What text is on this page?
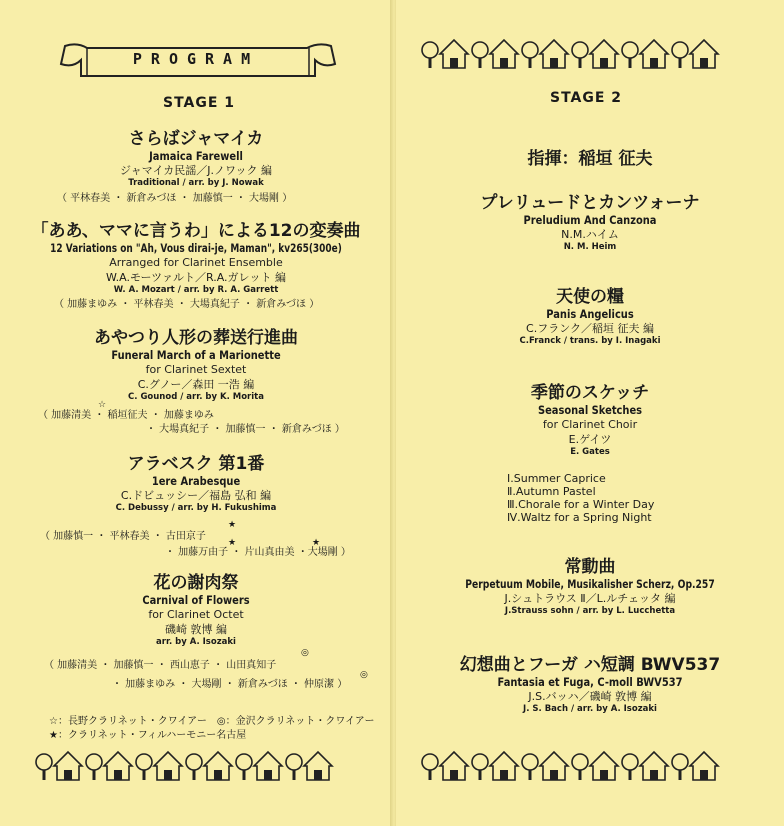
PROGRAM
STAGE 1
さらばジャマイカ
Jamaica Farewell
ジャマイカ民謡／J.ノワック 編
Traditional / arr. by J. Nowak
（ 平林春美 ・ 新倉みづほ ・ 加藤慎一 ・ 大場剛 ）
「ああ、ママに言うわ」による12の変奏曲
12 Variations on "Ah, Vous dirai-je, Maman", kv265(300e)
Arranged for Clarinet Ensemble
W.A.モーツァルト／R.A.ガレット 編
W. A. Mozart / arr. by R. A. Garrett
（ 加藤まゆみ ・ 平林春美 ・ 大場真紀子 ・ 新倉みづほ ）
あやつり人形の葬送行進曲
Funeral March of a Marionette
for Clarinet Sextet
C.グノー／森田 一浩 編
C. Gounod / arr. by K. Morita
☆
（ 加藤清美 ・ 稲垣征夫 ・ 加藤まゆみ
・ 大場真紀子 ・ 加藤慎一 ・ 新倉みづほ ）
アラベスク 第1番
1ere Arabesque
C.ドビュッシー／福島 弘和 編
C. Debussy / arr. by H. Fukushima
★
（ 加藤慎一 ・ 平林春美 ・ 古田京子
★	★
・ 加藤万由子 ・ 片山真由美 ・大場剛 ）
花の謝肉祭
Carnival of Flowers
for Clarinet Octet
磯崎 敦博 編
arr. by A. Isozaki
◎
（ 加藤清美 ・ 加藤慎一 ・ 西山恵子 ・ 山田真知子
◎
・ 加藤まゆみ ・ 大場剛 ・ 新倉みづほ ・ 仲原潔 ）
☆：長野クラリネット・クワイアー　◎：金沢クラリネット・クワイアー
★：クラリネット・フィルハーモニー名古屋
STAGE 2
指揮：稲垣 征夫
プレリュードとカンツォーナ
Preludium And Canzona
N.M.ハイム
N. M. Heim
天使の糧
Panis Angelicus
C.フランク／稲垣 征夫 編
C.Franck / trans. by I. Inagaki
季節のスケッチ
Seasonal Sketches
for Clarinet Choir
E.ゲイツ
E. Gates
Ⅰ.Summer Caprice
Ⅱ.Autumn Pastel
Ⅲ.Chorale for a Winter Day
Ⅳ.Waltz for a Spring Night
常動曲
Perpetuum Mobile, Musikalisher Scherz, Op.257
J.シュトラウス Ⅱ／L.ルチェッタ 編
J.Strauss sohn / arr. by L. Lucchetta
幻想曲とフーガ ハ短調 BWV537
Fantasia et Fuga, C-moll BWV537
J.S.バッハ／磯崎 敦博 編
J. S. Bach / arr. by A. Isozaki
